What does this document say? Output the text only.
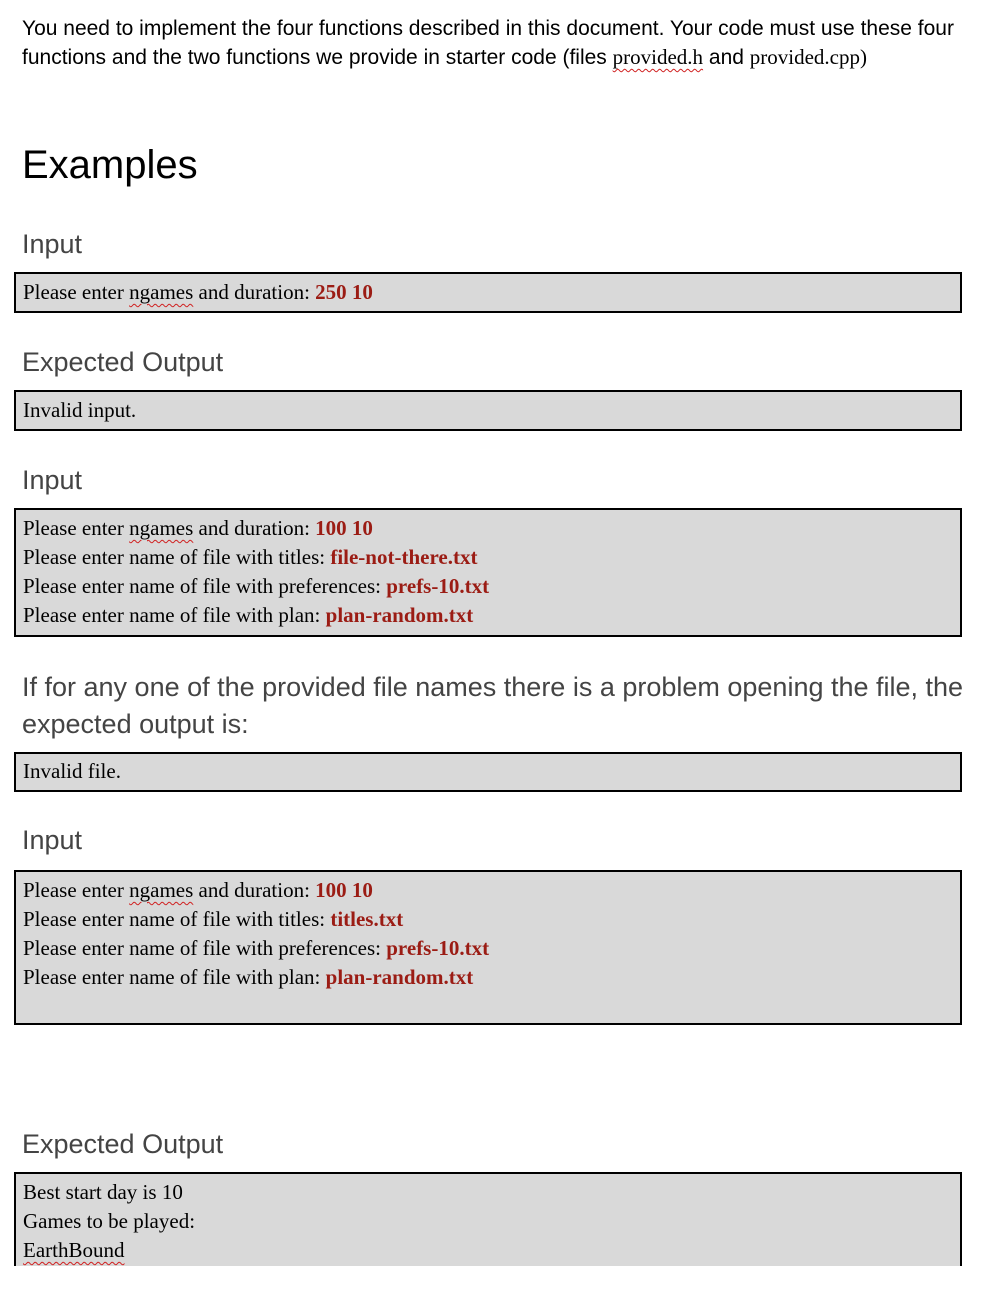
You need to implement the four functions described in this document. Your code must use these four functions and the two functions we provide in starter code (files provided.h and provided.cpp)
Examples
Input
Please enter ngames and duration: 250 10
Expected Output
Invalid input.
Input
Please enter ngames and duration: 100 10
Please enter name of file with titles: file-not-there.txt
Please enter name of file with preferences: prefs-10.txt
Please enter name of file with plan: plan-random.txt
If for any one of the provided file names there is a problem opening the file, the expected output is:
Invalid file.
Input
Please enter ngames and duration: 100 10
Please enter name of file with titles: titles.txt
Please enter name of file with preferences: prefs-10.txt
Please enter name of file with plan: plan-random.txt
Expected Output
Best start day is 10
Games to be played:
EarthBound
